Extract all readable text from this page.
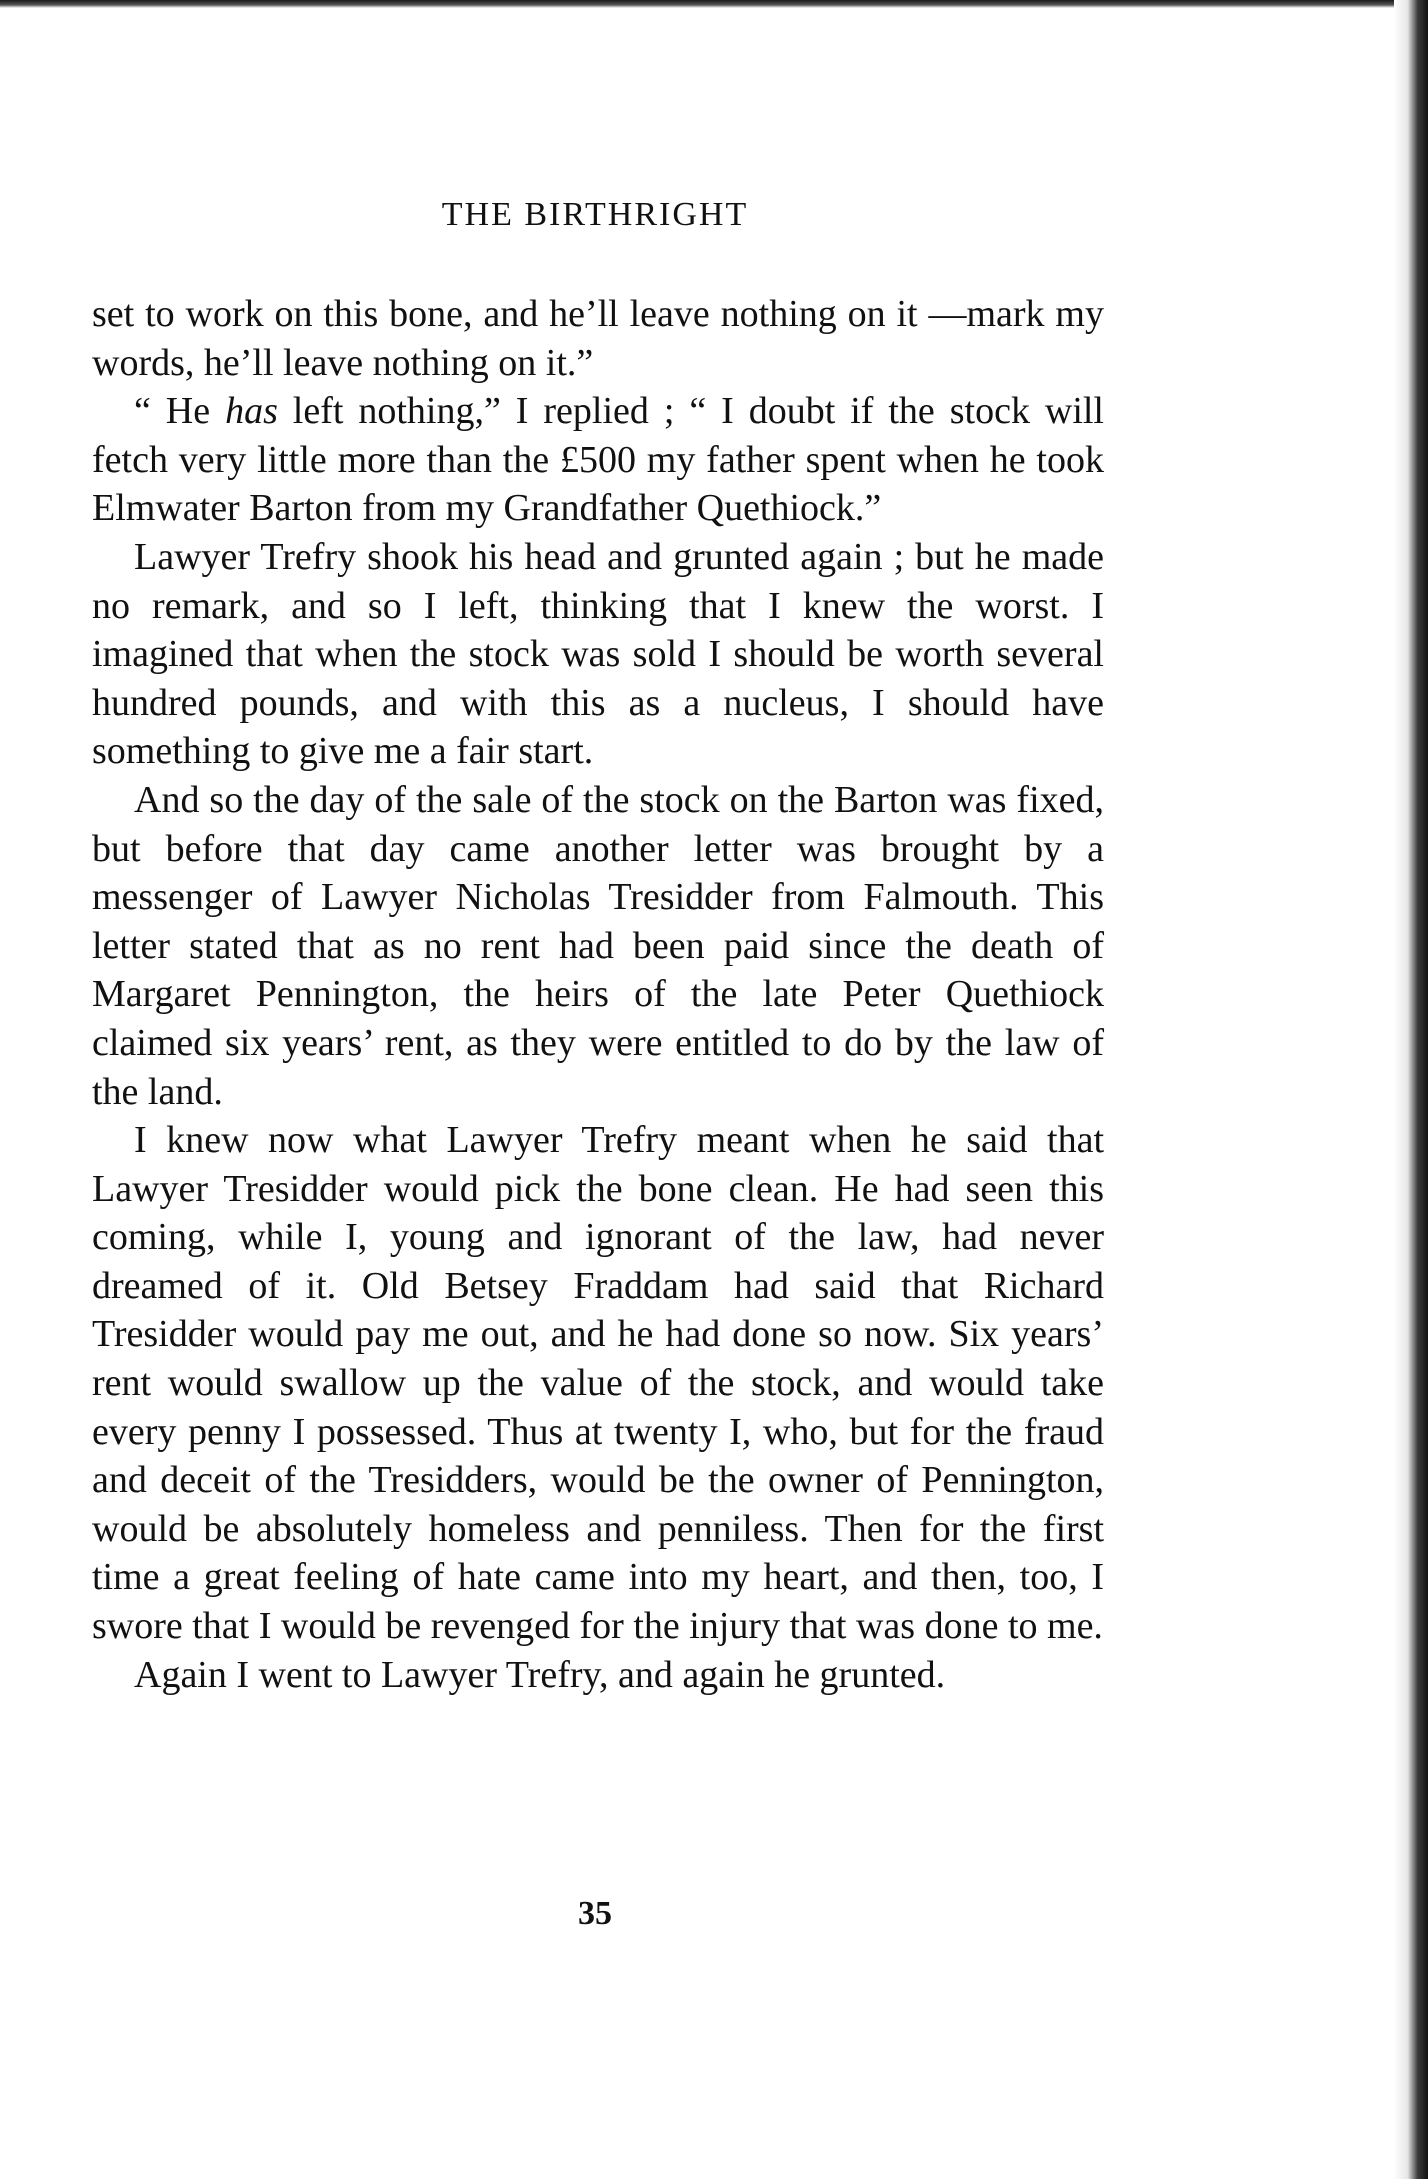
THE BIRTHRIGHT

set to work on this bone, and he’ll leave nothing on it —mark my words, he’ll leave nothing on it.”

“ He has left nothing,” I replied ; “ I doubt if the stock will fetch very little more than the £500 my father spent when he took Elmwater Barton from my Grandfather Quethiock.”

Lawyer Trefry shook his head and grunted again ; but he made no remark, and so I left, thinking that I knew the worst. I imagined that when the stock was sold I should be worth several hundred pounds, and with this as a nucleus, I should have something to give me a fair start.

And so the day of the sale of the stock on the Barton was fixed, but before that day came another letter was brought by a messenger of Lawyer Nicholas Tresidder from Falmouth. This letter stated that as no rent had been paid since the death of Margaret Pennington, the heirs of the late Peter Quethiock claimed six years’ rent, as they were entitled to do by the law of the land.

I knew now what Lawyer Trefry meant when he said that Lawyer Tresidder would pick the bone clean. He had seen this coming, while I, young and ignorant of the law, had never dreamed of it. Old Betsey Fraddam had said that Richard Tresidder would pay me out, and he had done so now. Six years’ rent would swallow up the value of the stock, and would take every penny I possessed. Thus at twenty I, who, but for the fraud and deceit of the Tresidders, would be the owner of Pennington, would be absolutely homeless and penniless. Then for the first time a great feeling of hate came into my heart, and then, too, I swore that I would be revenged for the injury that was done to me.

Again I went to Lawyer Trefry, and again he grunted.

35
